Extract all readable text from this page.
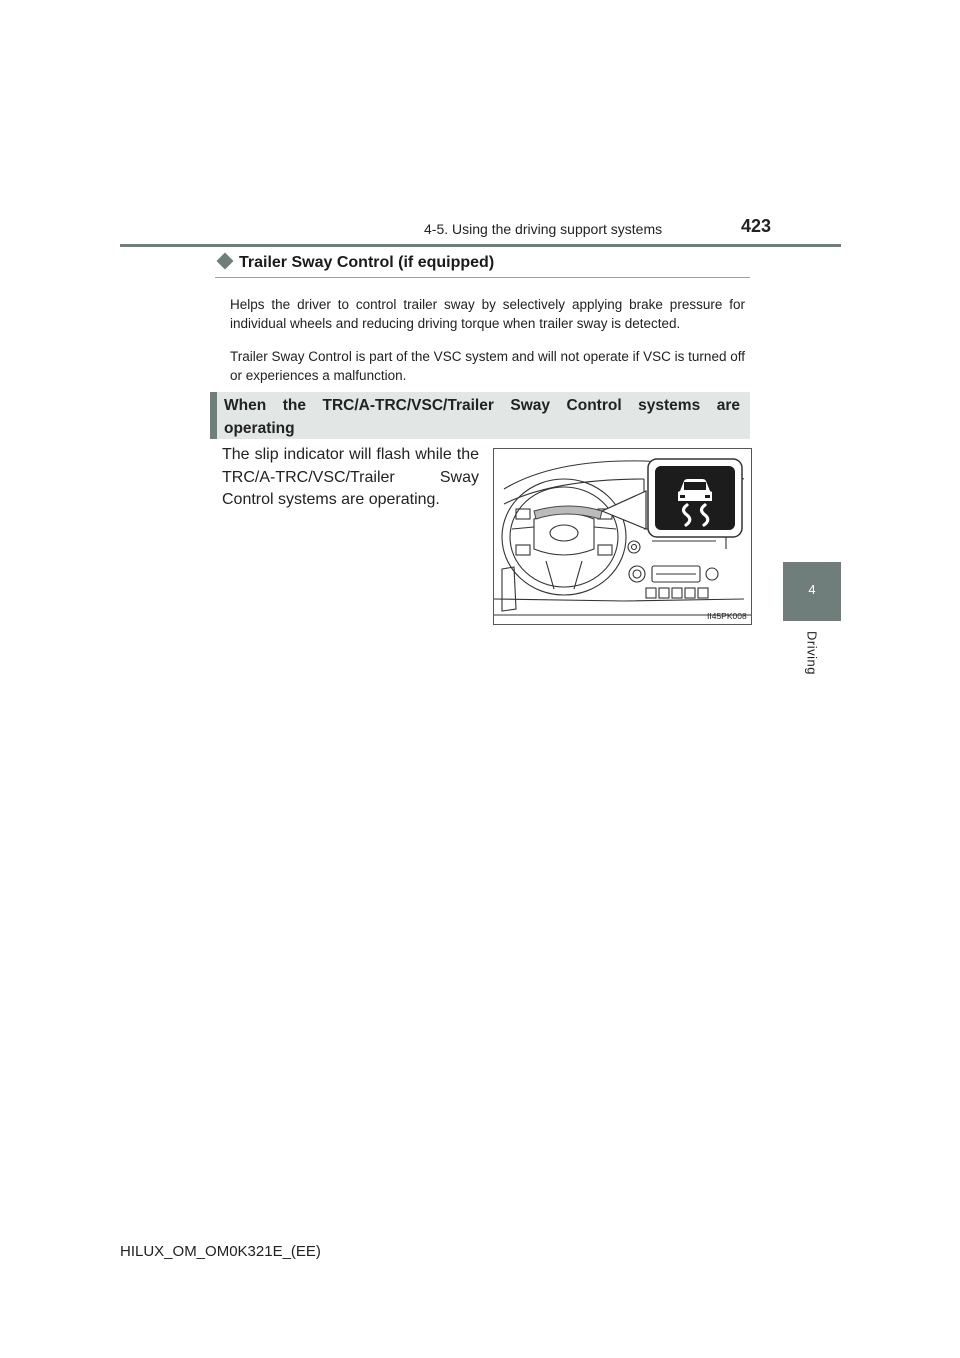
4-5. Using the driving support systems	423
4
Driving
Trailer Sway Control (if equipped)
Helps the driver to control trailer sway by selectively applying brake pressure for individual wheels and reducing driving torque when trailer sway is detected.
Trailer Sway Control is part of the VSC system and will not operate if VSC is turned off or experiences a malfunction.
When the TRC/A-TRC/VSC/Trailer Sway Control systems are operating
The slip indicator will flash while the TRC/A-TRC/VSC/Trailer Sway Control systems are operating.
II45PK008
HILUX_OM_OM0K321E_(EE)
